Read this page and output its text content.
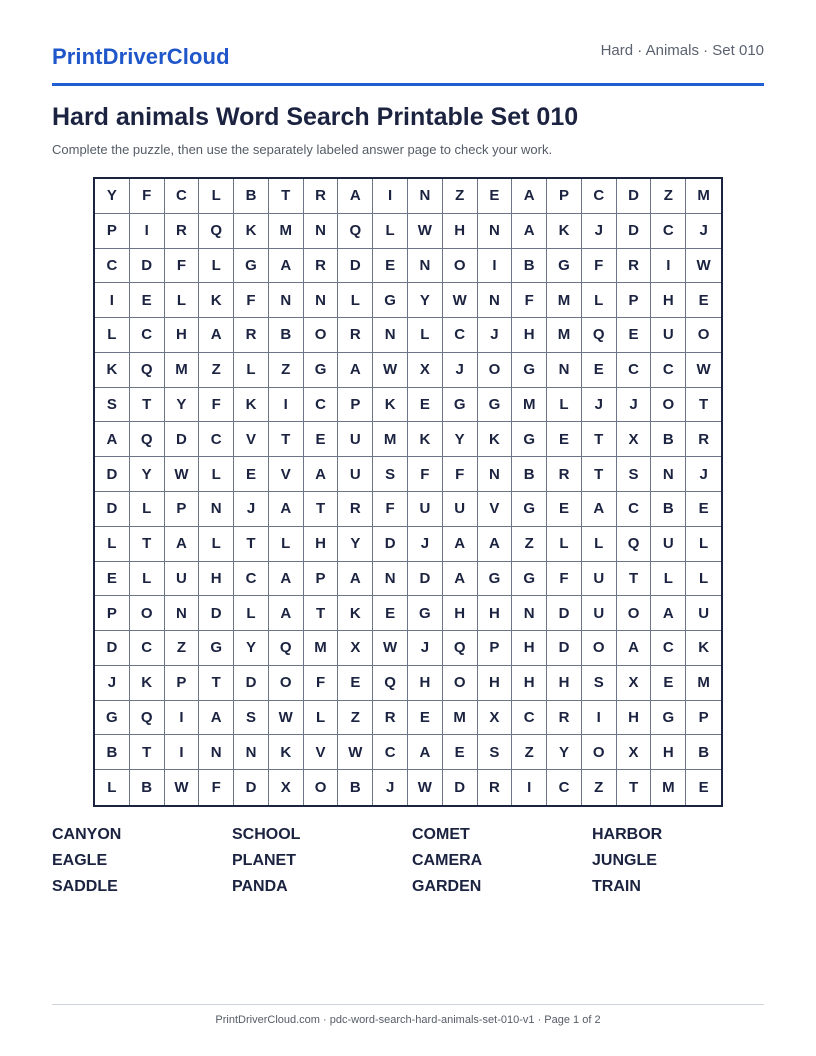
PrintDriverCloud	Hard · Animals · Set 010
Hard animals Word Search Printable Set 010
Complete the puzzle, then use the separately labeled answer page to check your work.
Y	F	C	L	B	T	R	A	I	N	Z	E	A	P	C	D	Z	M
P	I	R	Q	K	M	N	Q	L	W	H	N	A	K	J	D	C	J
C	D	F	L	G	A	R	D	E	N	O	I	B	G	F	R	I	W
I	E	L	K	F	N	N	L	G	Y	W	N	F	M	L	P	H	E
L	C	H	A	R	B	O	R	N	L	C	J	H	M	Q	E	U	O
K	Q	M	Z	L	Z	G	A	W	X	J	O	G	N	E	C	C	W
S	T	Y	F	K	I	C	P	K	E	G	G	M	L	J	J	O	T
A	Q	D	C	V	T	E	U	M	K	Y	K	G	E	T	X	B	R
D	Y	W	L	E	V	A	U	S	F	F	N	B	R	T	S	N	J
D	L	P	N	J	A	T	R	F	U	U	V	G	E	A	C	B	E
L	T	A	L	T	L	H	Y	D	J	A	A	Z	L	L	Q	U	L
E	L	U	H	C	A	P	A	N	D	A	G	G	F	U	T	L	L
P	O	N	D	L	A	T	K	E	G	H	H	N	D	U	O	A	U
D	C	Z	G	Y	Q	M	X	W	J	Q	P	H	D	O	A	C	K
J	K	P	T	D	O	F	E	Q	H	O	H	H	H	S	X	E	M
G	Q	I	A	S	W	L	Z	R	E	M	X	C	R	I	H	G	P
B	T	I	N	N	K	V	W	C	A	E	S	Z	Y	O	X	H	B
L	B	W	F	D	X	O	B	J	W	D	R	I	C	Z	T	M	E
CANYON	SCHOOL	COMET	HARBOR
EAGLE	PLANET	CAMERA	JUNGLE
SADDLE	PANDA	GARDEN	TRAIN
PrintDriverCloud.com · pdc-word-search-hard-animals-set-010-v1 · Page 1 of 2
